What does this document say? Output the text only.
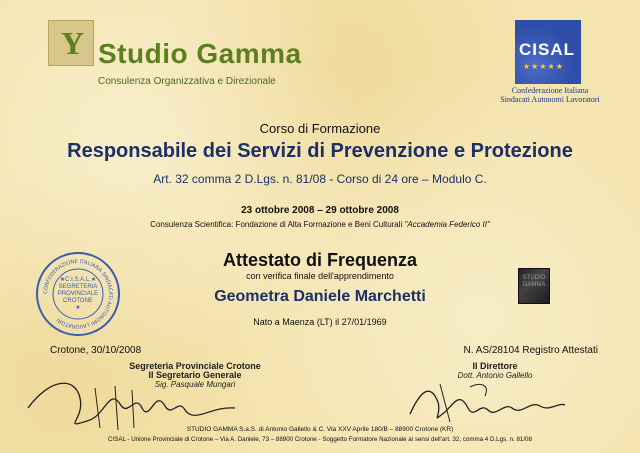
Y Studio Gamma
Consulenza Organizzativa e Direzionale
CISAL
★★★★★
Confederazione Italiana
Sindacati Autonomi Lavoratori
Corso di Formazione
Responsabile dei Servizi di Prevenzione e Protezione
Art. 32 comma 2 D.Lgs. n. 81/08 - Corso di 24 ore – Modulo C.
23 ottobre 2008 – 29 ottobre 2008
Consulenza Scientifica: Fondazione di Alta Formazione e Beni Culturali "Accademia Federico II"
Attestato di Frequenza
con verifica finale dell'apprendimento
Geometra Daniele Marchetti
Nato a Maenza (LT) il 27/01/1969
CONFEDERAZIONE ITALIANA SINDACATI AUTONOMI LAVORATORI
★C.I.S.A.L.★
SEGRETERIA
PROVINCIALE
CROTONE
★
STUDIO GAMMA
Crotone, 30/10/2008	N. AS/28104 Registro Attestati
Segreteria Provinciale Crotone
Il Segretario Generale
Sig. Pasquale Mungari
Il Direttore
Dott. Antonio Gallello
STUDIO GAMMA S.a.S. di Antonio Gallello & C. Via XXV Aprile 180/B – 88900 Crotone (KR)
CISAL - Unione Provinciale di Crotone – Via A. Daniele, 73 – 88900 Crotone - Soggetto Formatore Nazionale ai sensi dell'art. 32, comma 4 D.Lgs. n. 81/08
